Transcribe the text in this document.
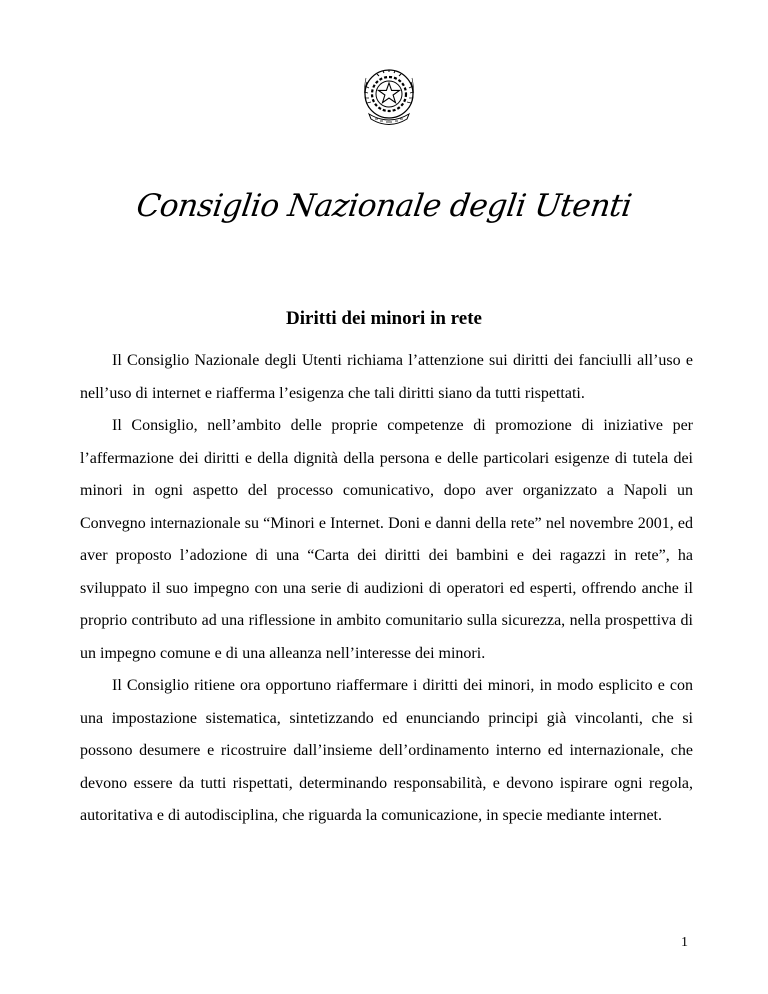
Consiglio Nazionale degli Utenti
Diritti dei minori in rete

Il Consiglio Nazionale degli Utenti richiama l’attenzione sui diritti dei fanciulli all’uso e nell’uso di internet e riafferma l’esigenza che tali diritti siano da tutti rispettati.

Il Consiglio, nell’ambito delle proprie competenze di promozione di iniziative per l’affermazione dei diritti e della dignità della persona e delle particolari esigenze di tutela dei minori in ogni aspetto del processo comunicativo, dopo aver organizzato a Napoli un Convegno internazionale su “Minori e Internet. Doni e danni della rete” nel novembre 2001, ed aver proposto l’adozione di una “Carta dei diritti dei bambini e dei ragazzi in rete”, ha sviluppato il suo impegno con una serie di audizioni di operatori ed esperti, offrendo anche il proprio contributo ad una riflessione in ambito comunitario sulla sicurezza, nella prospettiva di un impegno comune e di una alleanza nell’interesse dei minori.

Il Consiglio ritiene ora opportuno riaffermare i diritti dei minori, in modo esplicito e con una impostazione sistematica, sintetizzando ed enunciando principi già vincolanti, che si possono desumere e ricostruire dall’insieme dell’ordinamento interno ed internazionale, che devono essere da tutti rispettati, determinando responsabilità, e devono ispirare ogni regola, autoritativa e di autodisciplina, che riguarda la comunicazione, in specie mediante internet.

1
